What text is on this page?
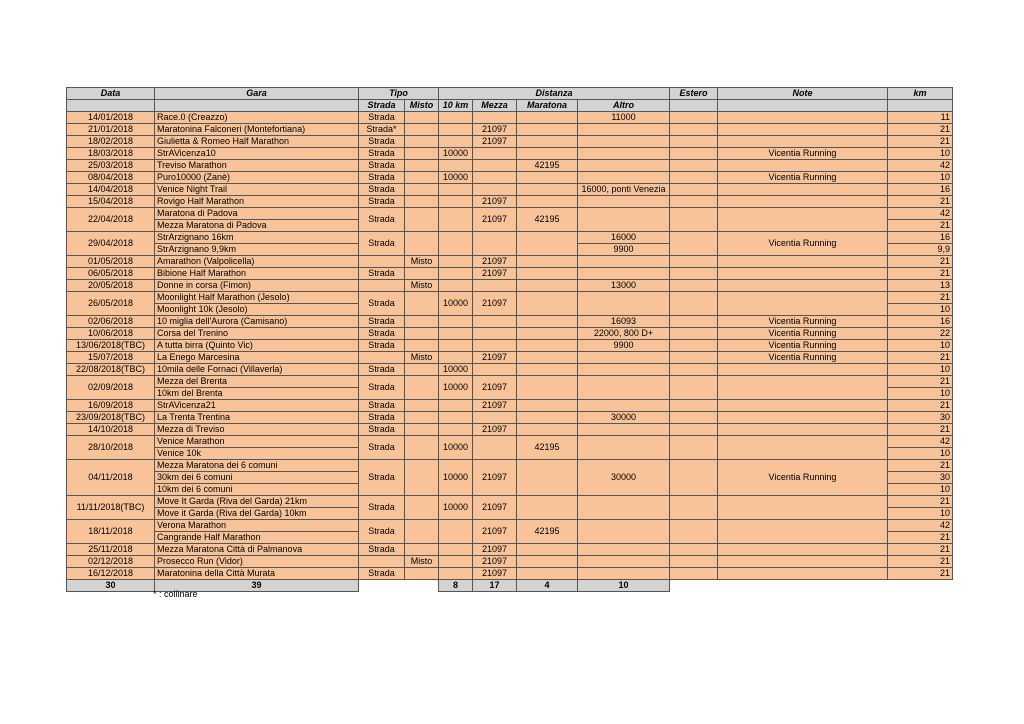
Data	Gara	Tipo		Distanza				Estero	Note	km
		Strada	Misto	10 km	Mezza	Maratona	Altro			
14/01/2018	Race.0 (Creazzo)	Strada					11000			11
21/01/2018	Maratonina Falconeri (Montefortiana)	Strada*			21097					21
18/02/2018	Giulietta & Romeo Half Marathon	Strada			21097					21
18/03/2018	StrAVicenza10	Strada		10000					Vicentia Running	10
25/03/2018	Treviso Marathon	Strada				42195				42
08/04/2018	Puro10000 (Zanè)	Strada		10000					Vicentia Running	10
14/04/2018	Venice Night Trail	Strada					16000, ponti Venezia			16
15/04/2018	Rovigo Half Marathon	Strada			21097					21
22/04/2018	Maratona di Padova	Strada			21097	42195				42
	Mezza Maratona di Padova									21
29/04/2018	StrArzignano 16km	Strada					16000		Vicentia Running	16
	StrArzignano 9,9km						9900			9,9
01/05/2018	Amarathon (Valpolicella)		Misto		21097					21
06/05/2018	Bibione Half Marathon	Strada			21097					21
20/05/2018	Donne in corsa (Fimon)		Misto				13000			13
26/05/2018	Moonlight Half Marathon (Jesolo)	Strada		10000	21097					21
	Moonlight 10k (Jesolo)									10
02/06/2018	10 miglia dell'Aurora (Camisano)	Strada					16093		Vicentia Running	16
10/06/2018	Corsa del Trenino	Strada					22000, 800 D+		Vicentia Running	22
13/06/2018(TBC)	A tutta birra (Quinto Vic)	Strada					9900		Vicentia Running	10
15/07/2018	La Enego Marcesina		Misto		21097				Vicentia Running	21
22/08/2018(TBC)	10mila delle Fornaci (Villaverla)	Strada		10000						10
02/09/2018	Mezza del Brenta	Strada		10000	21097					21
	10km del Brenta									10
16/09/2018	StrAVicenza21	Strada			21097					21
23/09/2018(TBC)	La Trenta Trentina	Strada					30000			30
14/10/2018	Mezza di Treviso	Strada			21097					21
28/10/2018	Venice Marathon	Strada		10000		42195				42
	Venice 10k									10
04/11/2018	Mezza Maratona dei 6 comuni	Strada		10000	21097		30000		Vicentia Running	21
	30km dei 6 comuni									30
	10km dei 6 comuni									10
11/11/2018(TBC)	Move It Garda (Riva del Garda) 21km	Strada		10000	21097					21
	Move it Garda (Riva del Garda) 10km									10
18/11/2018	Verona Marathon	Strada			21097	42195				42
	Cangrande Half Marathon									21
25/11/2018	Mezza Maratona Città di Palmanova	Strada			21097					21
02/12/2018	Prosecco Run (Vidor)		Misto		21097					21
16/12/2018	Maratonina della Città Murata	Strada			21097					21
30	39			8	17	4	10			
* : collinare
